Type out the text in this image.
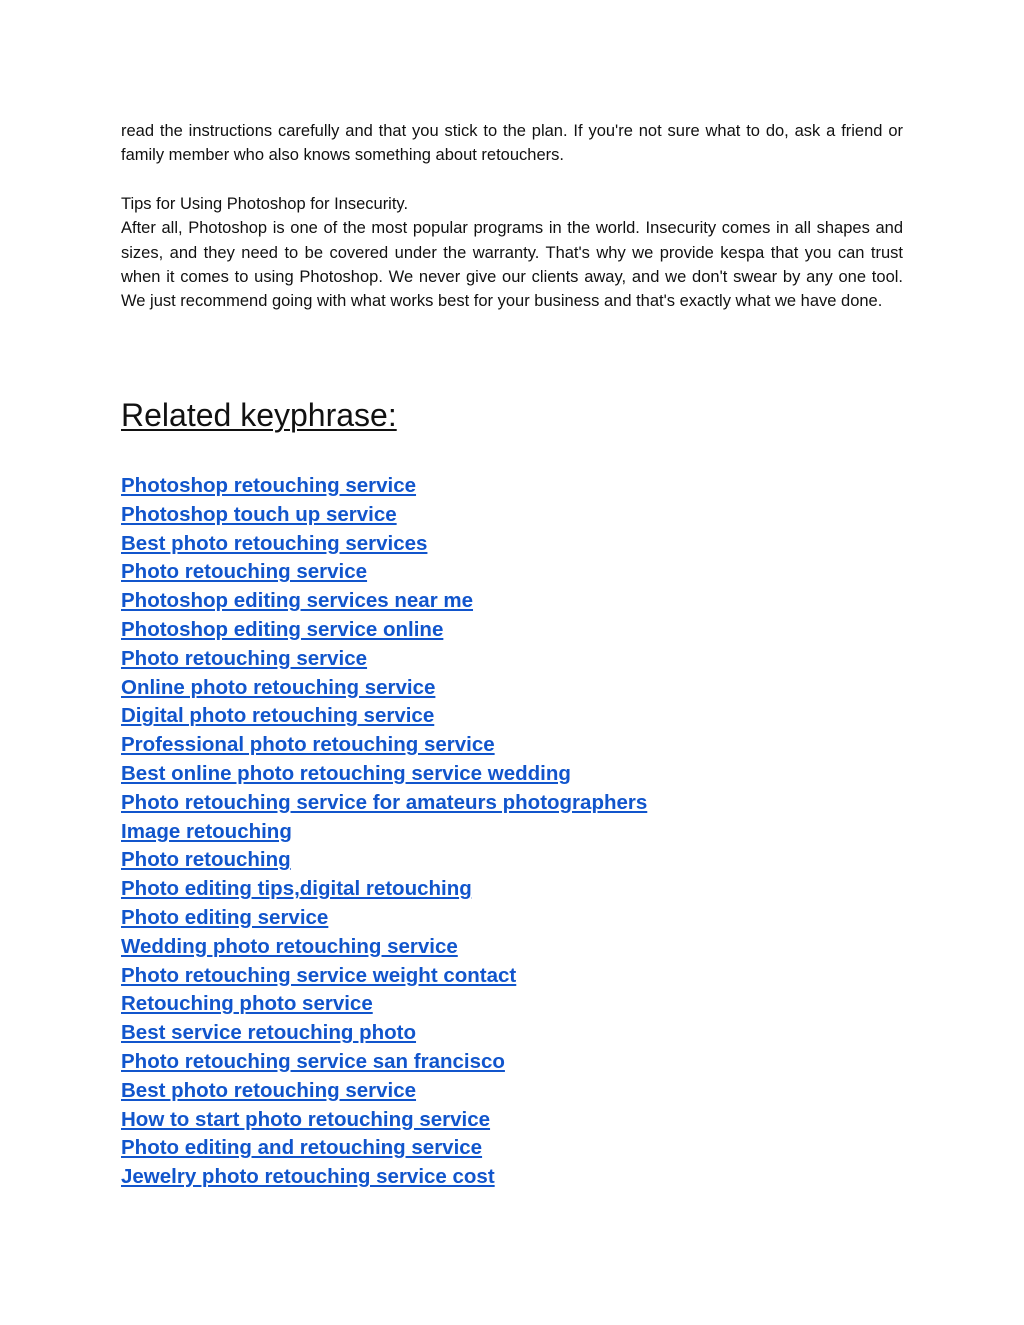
read the instructions carefully and that you stick to the plan. If you're not sure what to do, ask a friend or family member who also knows something about retouchers.

Tips for Using Photoshop for Insecurity.

After all, Photoshop is one of the most popular programs in the world. Insecurity comes in all shapes and sizes, and they need to be covered under the warranty. That's why we provide kespa that you can trust when it comes to using Photoshop. We never give our clients away, and we don't swear by any one tool. We just recommend going with what works best for your business and that's exactly what we have done.

Related keyphrase:
Photoshop retouching service
Photoshop touch up service
Best photo retouching services
Photo retouching service
Photoshop editing services near me
Photoshop editing service online
Photo retouching service
Online photo retouching service
Digital photo retouching service
Professional photo retouching service
Best online photo retouching service wedding
Photo retouching service for amateurs photographers
Image retouching
Photo retouching
Photo editing tips,digital retouching
Photo editing service
Wedding photo retouching service
Photo retouching service weight contact
Retouching photo service
Best service retouching photo
Photo retouching service san francisco
Best photo retouching service
How to start photo retouching service
Photo editing and retouching service
Jewelry photo retouching service cost
